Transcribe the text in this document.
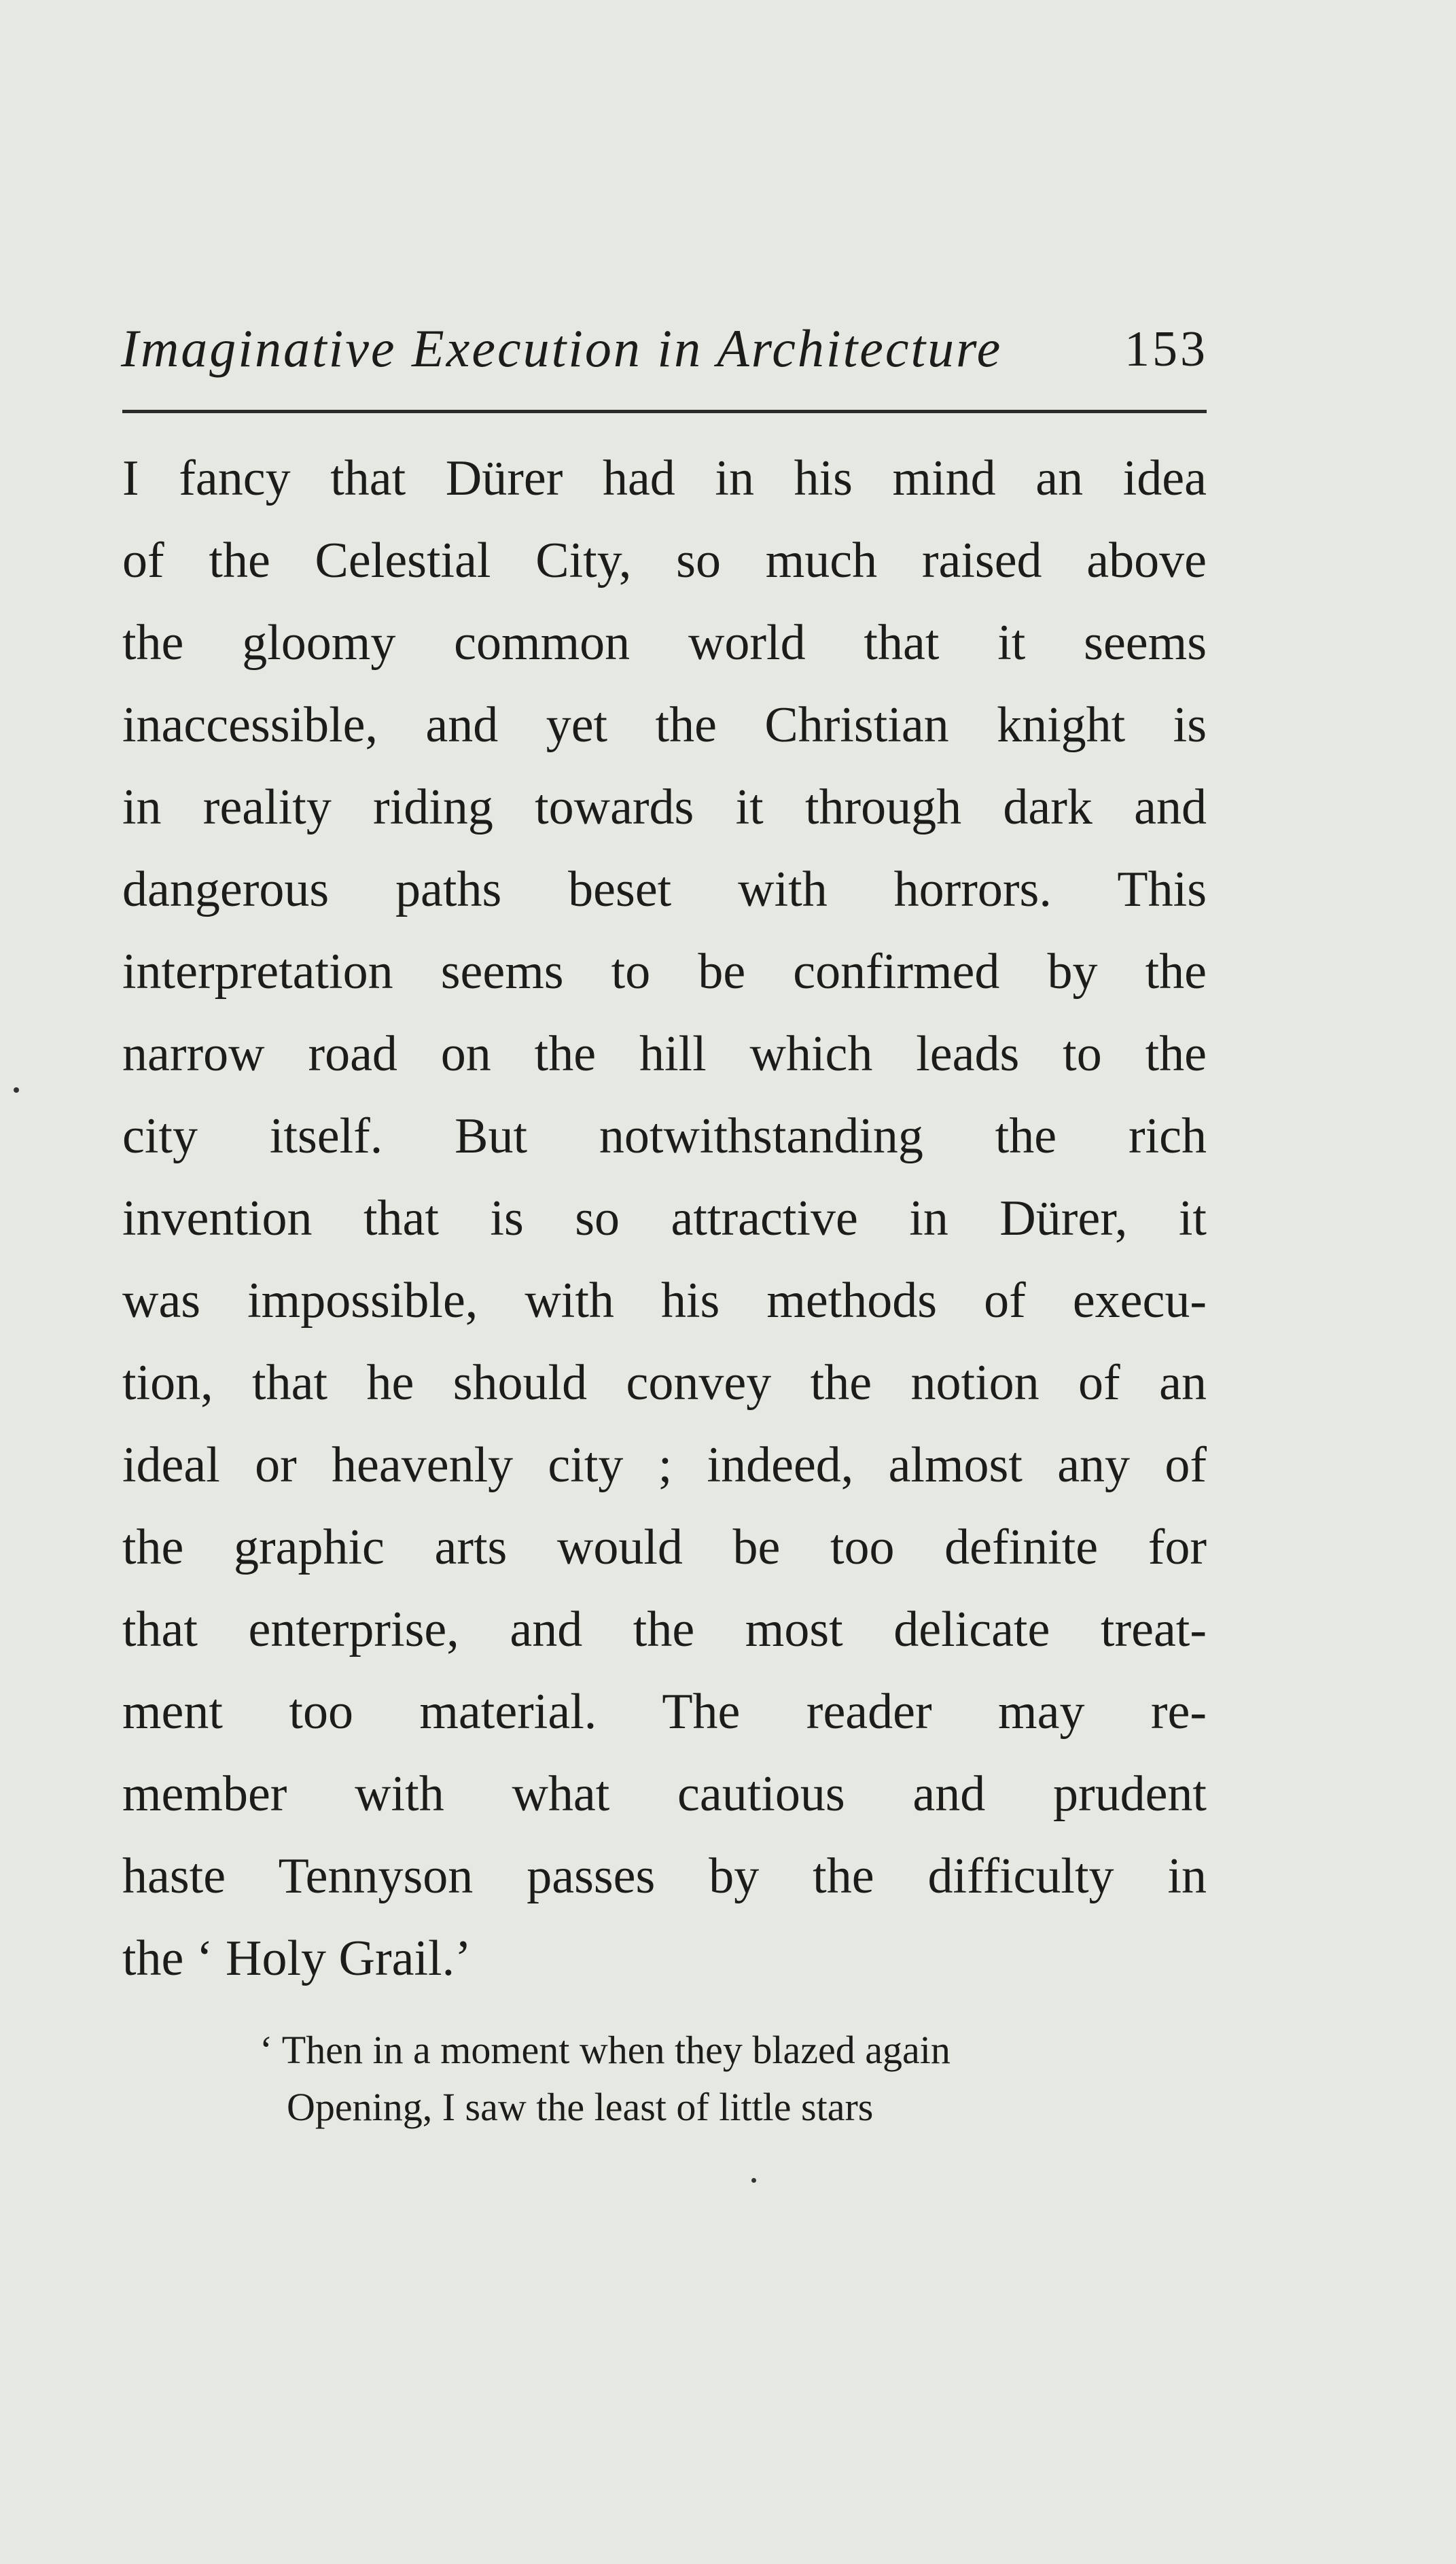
Imaginative Execution in Architecture 153
I fancy that Dürer had in his mind an idea
of the Celestial City, so much raised above
the gloomy common world that it seems
inaccessible, and yet the Christian knight is
in reality riding towards it through dark and
dangerous paths beset with horrors. This
interpretation seems to be confirmed by the
narrow road on the hill which leads to the
city itself. But notwithstanding the rich
invention that is so attractive in Dürer, it
was impossible, with his methods of execu-
tion, that he should convey the notion of an
ideal or heavenly city ; indeed, almost any of
the graphic arts would be too definite for
that enterprise, and the most delicate treat-
ment too material. The reader may re-
member with what cautious and prudent
haste Tennyson passes by the difficulty in
the ‘ Holy Grail.’
‘ Then in a moment when they blazed again
Opening, I saw the least of little stars
